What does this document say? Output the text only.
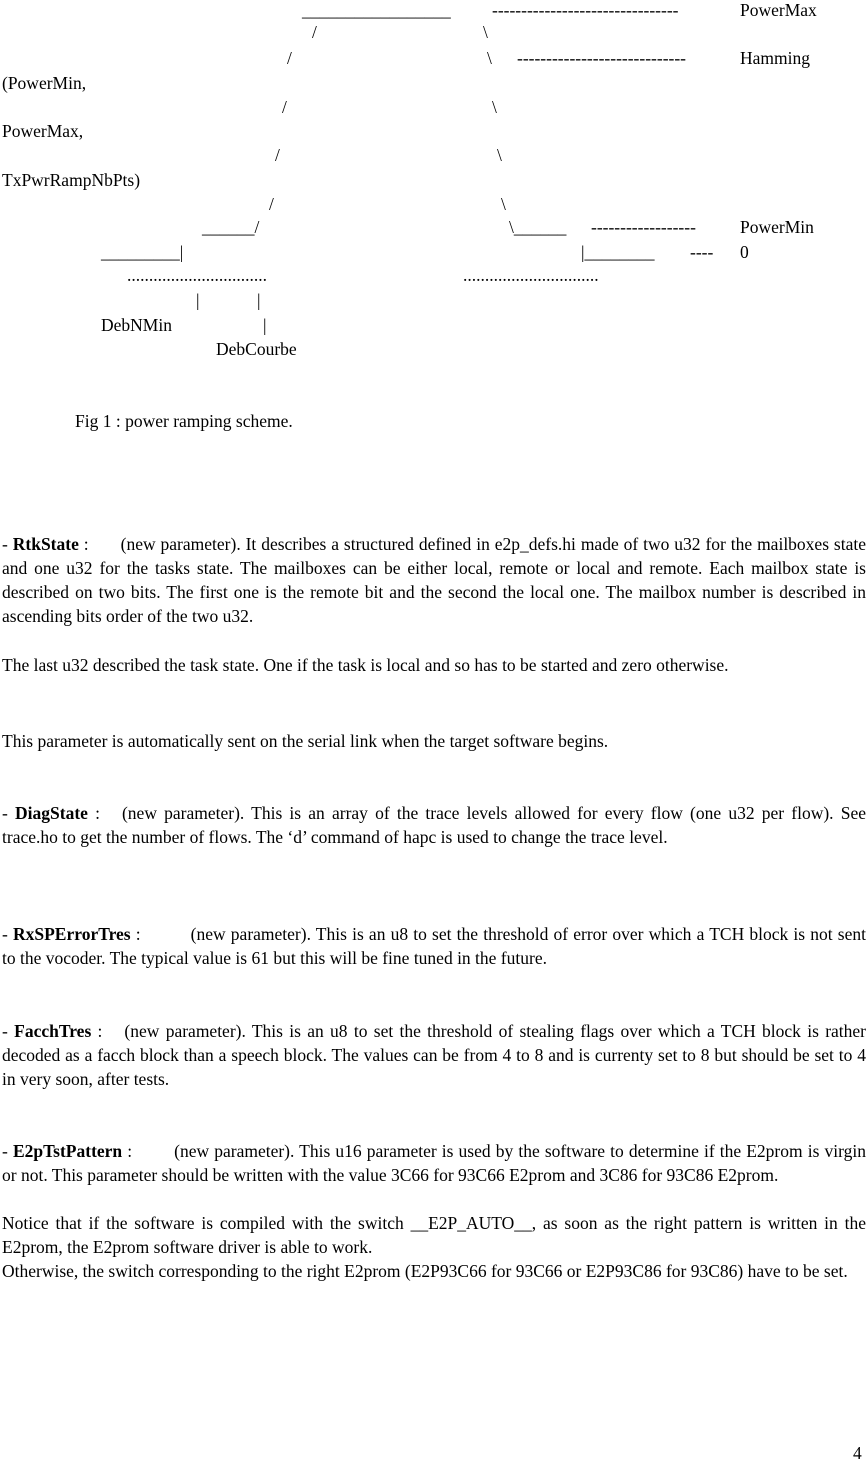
_________________ --------------------------------	PowerMax
/	\
/	\ -----------------------------	Hamming
(PowerMin,
/	\
PowerMax,
/	\
TxPwrRampNbPts)
/	\
______/	\______ ------------------	PowerMin
_________|	|________ ---- 0
................................	...............................
|	|
DebNMin	|
DebCourbe
Fig 1 : power ramping scheme.

- RtkState : (new parameter). It describes a structured defined in e2p_defs.hi made of two u32 for the mailboxes state and one u32 for the tasks state. The mailboxes can be either local, remote or local and remote. Each mailbox state is described on two bits. The first one is the remote bit and the second the local one. The mailbox number is described in ascending bits order of the two u32.

The last u32 described the task state. One if the task is local and so has to be started and zero otherwise.

This parameter is automatically sent on the serial link when the target software begins.

- DiagState : (new parameter). This is an array of the trace levels allowed for every flow (one u32 per flow). See trace.ho to get the number of flows. The ‘d’ command of hapc is used to change the trace level.

- RxSPErrorTres :	(new parameter). This is an u8 to set the threshold of error over which a TCH block is not sent to the vocoder. The typical value is 61 but this will be fine tuned in the future.

- FacchTres : (new parameter). This is an u8 to set the threshold of stealing flags over which a TCH block is rather decoded as a facch block than a speech block. The values can be from 4 to 8 and is currenty set to 8 but should be set to 4 in very soon, after tests.

- E2pTstPattern : (new parameter). This u16 parameter is used by the software to determine if the E2prom is virgin or not. This parameter should be written with the value 3C66 for 93C66 E2prom and 3C86 for 93C86 E2prom.

Notice that if the software is compiled with the switch __E2P_AUTO__, as soon as the right pattern is written in the E2prom, the E2prom software driver is able to work.

Otherwise, the switch corresponding to the right E2prom (E2P93C66 for 93C66 or E2P93C86 for 93C86) have to be set.

4
